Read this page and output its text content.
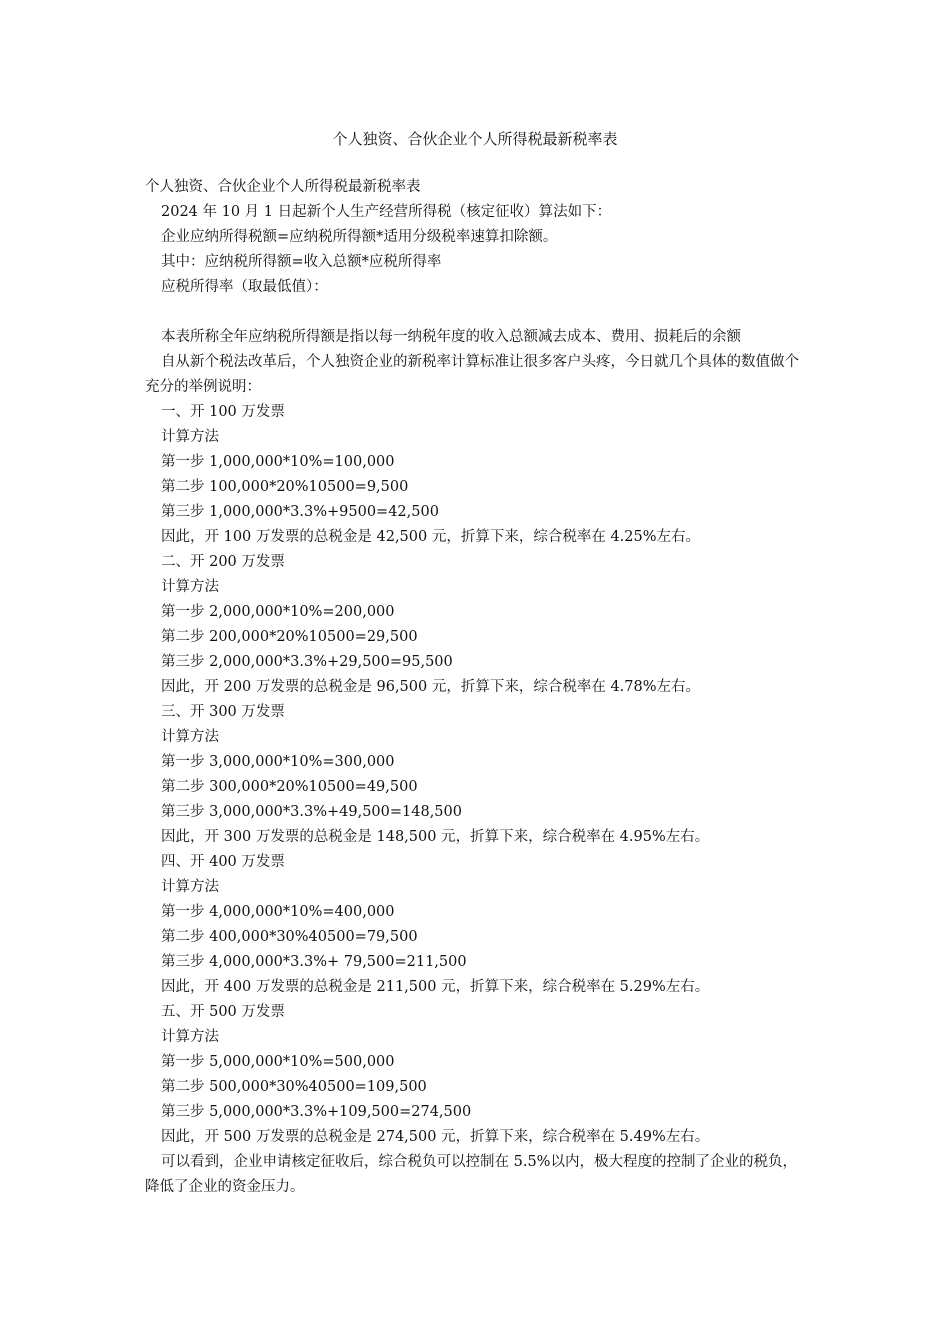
个人独资、合伙企业个人所得税最新税率表
个人独资、合伙企业个人所得税最新税率表
2024 年 10 月 1 日起新个人生产经营所得税（核定征收）算法如下：
企业应纳所得税额=应纳税所得额*适用分级税率速算扣除额。
其中：应纳税所得额=收入总额*应税所得率
应税所得率（取最低值）：
本表所称全年应纳税所得额是指以每一纳税年度的收入总额减去成本、费用、损耗后的余额
自从新个税法改革后，个人独资企业的新税率计算标准让很多客户头疼，今日就几个具体的数值做个充分的举例说明：
一、开 100 万发票
计算方法
第一步 1,000,000*10%=100,000
第二步 100,000*20%10500=9,500
第三步 1,000,000*3.3%+9500=42,500
因此，开 100 万发票的总税金是 42,500 元，折算下来，综合税率在 4.25%左右。
二、开 200 万发票
计算方法
第一步 2,000,000*10%=200,000
第二步 200,000*20%10500=29,500
第三步 2,000,000*3.3%+29,500=95,500
因此，开 200 万发票的总税金是 96,500 元，折算下来，综合税率在 4.78%左右。
三、开 300 万发票
计算方法
第一步 3,000,000*10%=300,000
第二步 300,000*20%10500=49,500
第三步 3,000,000*3.3%+49,500=148,500
因此，开 300 万发票的总税金是 148,500 元，折算下来，综合税率在 4.95%左右。
四、开 400 万发票
计算方法
第一步 4,000,000*10%=400,000
第二步 400,000*30%40500=79,500
第三步 4,000,000*3.3%+ 79,500=211,500
因此，开 400 万发票的总税金是 211,500 元，折算下来，综合税率在 5.29%左右。
五、开 500 万发票
计算方法
第一步 5,000,000*10%=500,000
第二步 500,000*30%40500=109,500
第三步 5,000,000*3.3%+109,500=274,500
因此，开 500 万发票的总税金是 274,500 元，折算下来，综合税率在 5.49%左右。
可以看到，企业申请核定征收后，综合税负可以控制在 5.5%以内，极大程度的控制了企业的税负，降低了企业的资金压力。
